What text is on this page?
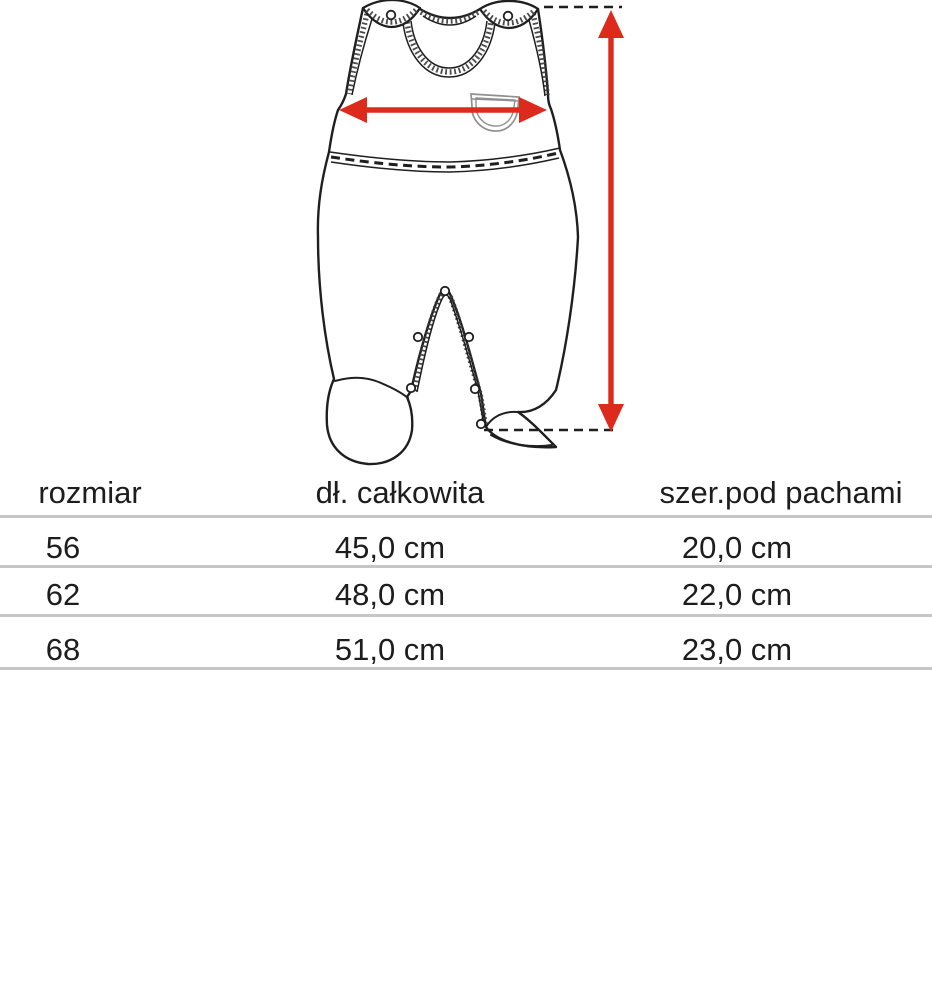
rozmiar	dł. całkowita	szer.pod pachami
56	45,0 cm	20,0 cm
62	48,0 cm	22,0 cm
68	51,0 cm	23,0 cm
